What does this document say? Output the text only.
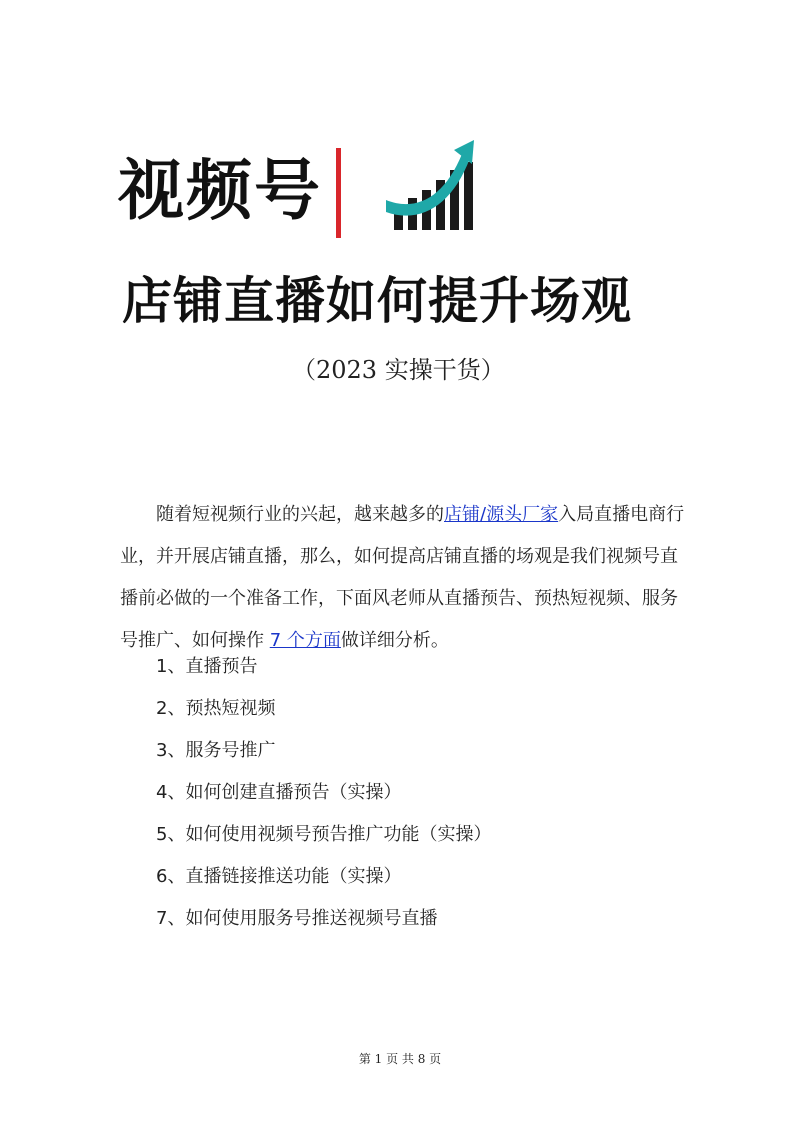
视频号
店铺直播如何提升场观
（2023 实操干货）

随着短视频行业的兴起，越来越多的店铺/源头厂家入局直播电商行业，并开展店铺直播，那么，如何提高店铺直播的场观是我们视频号直播前必做的一个准备工作，下面风老师从直播预告、预热短视频、服务号推广、如何操作 7 个方面做详细分析。

1、直播预告
2、预热短视频
3、服务号推广
4、如何创建直播预告（实操）
5、如何使用视频号预告推广功能（实操）
6、直播链接推送功能（实操）
7、如何使用服务号推送视频号直播
第 1 页 共 8 页
